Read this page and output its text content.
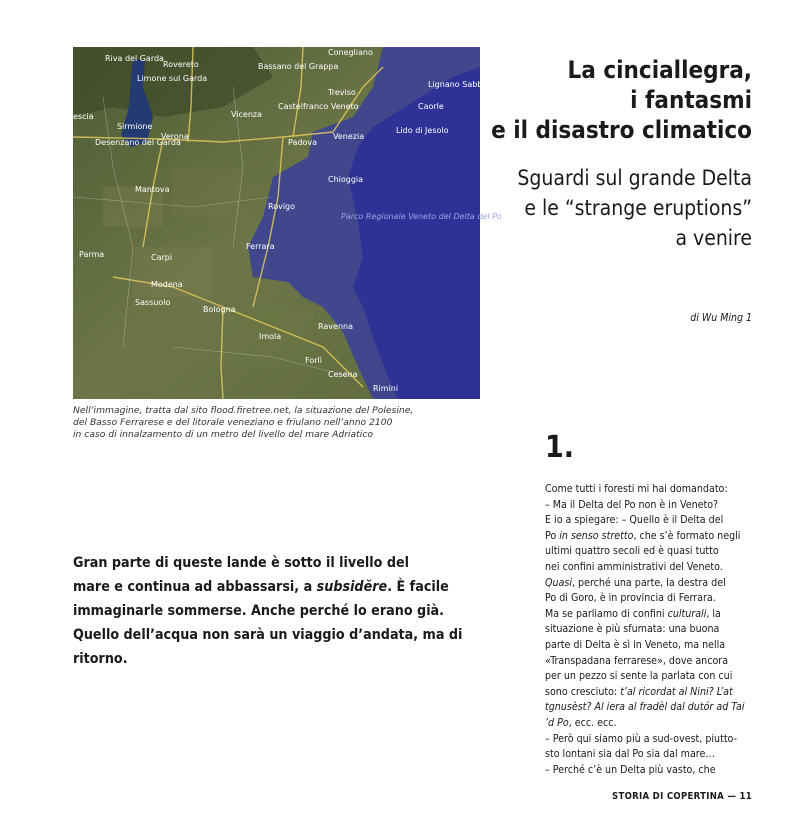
Riva del Garda
Rovereto	Bassano del Grappa
Conegliano
Treviso
Castelfranco Veneto
Vicenza
Padova
Venezia
Lido di Jesolo
Caorle
Lignano Sabbiadoro
Limone sul Garda
Sirmione
Desenzano del Garda
Verona
Mantova
Chioggia
Rovigo
Ferrara
Parma	Carpi
Modena
Sassuolo
Bologna
Imola
Ravenna
Forlì
Cesena
Rimini
escia
Parco Regionale Veneto del Delta del Po
Nell’immagine, tratta dal sito flood.firetree.net, la situazione del Polesine,
del Basso Ferrarese e del litorale veneziano e friulano nell’anno 2100
in caso di innalzamento di un metro del livello del mare Adriatico
La cinciallegra,
i fantasmi
e il disastro climatico
Sguardi sul grande Delta
e le “strange eruptions”
a venire
di Wu Ming 1
1.
Gran parte di queste lande è sotto il livello del
mare e continua ad abbassarsi, a subsidĕre. È facile
immaginarle sommerse. Anche perché lo erano già.
Quello dell’acqua non sarà un viaggio d’andata, ma di
ritorno.
Come tutti i foresti mi hai domandato:
– Ma il Delta del Po non è in Veneto?
E io a spiegare: – Quello è il Delta del
Po in senso stretto, che s’è formato negli
ultimi quattro secoli ed è quasi tutto
nei confini amministrativi del Veneto.
Quasi, perché una parte, la destra del
Po di Goro, è in provincia di Ferrara.
Ma se parliamo di confini culturali, la
situazione è più sfumata: una buona
parte di Delta è sì in Veneto, ma nella
«Transpadana ferrarese», dove ancora
per un pezzo si sente la parlata con cui
sono cresciuto: t’al ricordat al Nini? L’at
tgnusèst? Al iera al fradèl dal dutór ad Tai
’d Po, ecc. ecc.
– Però qui siamo più a sud-ovest, piutto-
sto lontani sia dal Po sia dal mare…
– Perché c’è un Delta più vasto, che
STORIA DI COPERTINA — 11
